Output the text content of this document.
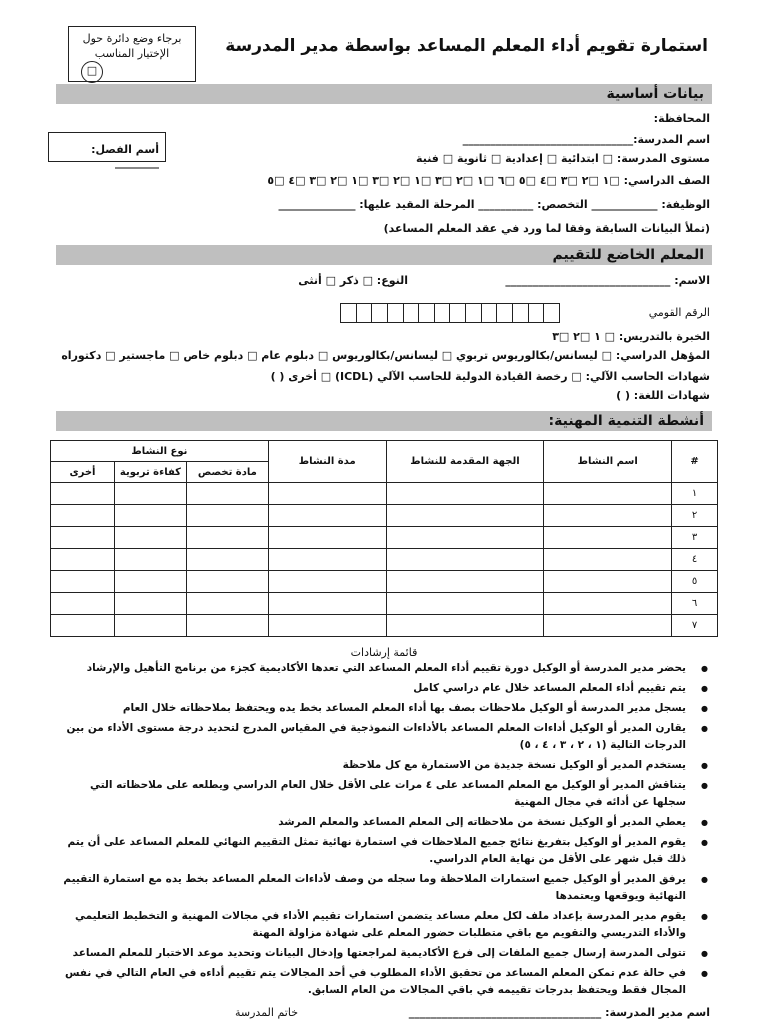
برجاء وضع دائرة حول
الإختيار المناسب
□
استمارة تقويم أداء المعلم المساعد بواسطة مدير المدرسة
بيانات أساسية
المحافظة:
اسم المدرسة:_______________________________
أسم الفصل: ________	مستوى المدرسة: □ ابتدائية □ إعدادية □ ثانوية □ فنية
الصف الدراسي: □١ □٢ □٣ □٤ □٥ □٦ □١ □٢ □٣ □١ □٢ □٣ □١ □٢ □٣ □٤ □٥
الوظيفة: ____________ التخصص: __________ المرحلة المقيد عليها: ______________
(تملأ البيانات السابقة وفقا لما ورد في عقد المعلم المساعد)
المعلم الخاضع للتقييم
الاسم: ______________________________
النوع: □ ذكر □ أنثى
الرقم القومي
الخبرة بالتدريس: □ ١ □٢ □٣
المؤهل الدراسي: □ ليسانس/بكالوريوس تربوي □ ليسانس/بكالوريوس □ دبلوم عام □ دبلوم خاص □ ماجستير □ دكتوراه
شهادات الحاسب الآلي: □ رخصة القيادة الدولية للحاسب الآلي (ICDL) □ أخرى ( )
شهادات اللغة: ( )
أنشطة التنمية المهنية:
#	اسم النشاط	الجهة المقدمة للنشاط	مدة النشاط	نوع النشاط		
				مادة تخصص	كفاءة تربوية	أخرى
١						
٢						
٣						
٤						
٥						
٦						
٧						
قائمة إرشادات
● يحضر مدير المدرسة أو الوكيل دورة تقييم أداء المعلم المساعد التي تعدها الأكاديمية كجزء من برنامج التأهيل والإرشاد
● يتم تقييم أداء المعلم المساعد خلال عام دراسي كامل
● يسجل مدير المدرسة أو الوكيل ملاحظات بصف بها أداء المعلم المساعد بخط يده ويحتفظ بملاحظاته خلال العام
● يقارن المدير أو الوكيل أداءات المعلم المساعد بالأداءات النموذجية في المقياس المدرج لتحديد درجة مستوى الأداء من بين الدرجات التالية (١ ، ٢ ، ٣ ، ٤ ، ٥)
● يستخدم المدير أو الوكيل نسخة جديدة من الاستمارة مع كل ملاحظة
● يتناقش المدير أو الوكيل مع المعلم المساعد على ٤ مرات على الأقل خلال العام الدراسي ويطلعه على ملاحظاته التي سجلها عن أدائه في مجال المهنية
● يعطي المدير أو الوكيل نسخة من ملاحظاته إلى المعلم المساعد والمعلم المرشد
● يقوم المدير أو الوكيل بتفريغ نتائج جميع الملاحظات في استمارة نهائية تمثل التقييم النهائي للمعلم المساعد على أن يتم ذلك قبل شهر على الأقل من نهاية العام الدراسي.
● يرفق المدير أو الوكيل جميع استمارات الملاحظة وما سجله من وصف لأداءات المعلم المساعد بخط يده مع استمارة التقييم النهائية ويوقعها ويعتمدها
● يقوم مدير المدرسة بإعداد ملف لكل معلم مساعد يتضمن استمارات تقييم الأداء في مجالات المهنية و التخطيط التعليمي والأداء التدريسي والتقويم مع باقي متطلبات حضور المعلم على شهادة مزاولة المهنة
● تتولى المدرسة إرسال جميع الملفات إلى فرع الأكاديمية لمراجعتها وإدخال البيانات وتحديد موعد الاختبار للمعلم المساعد
● في حالة عدم تمكن المعلم المساعد من تحقيق الأداء المطلوب في أحد المجالات يتم تقييم أداءه في العام التالي في نفس المجال فقط ويحتفظ بدرجات تقييمه في باقي المجالات من العام السابق.
اسم مدير المدرسة: ___________________________________
خاتم المدرسة
